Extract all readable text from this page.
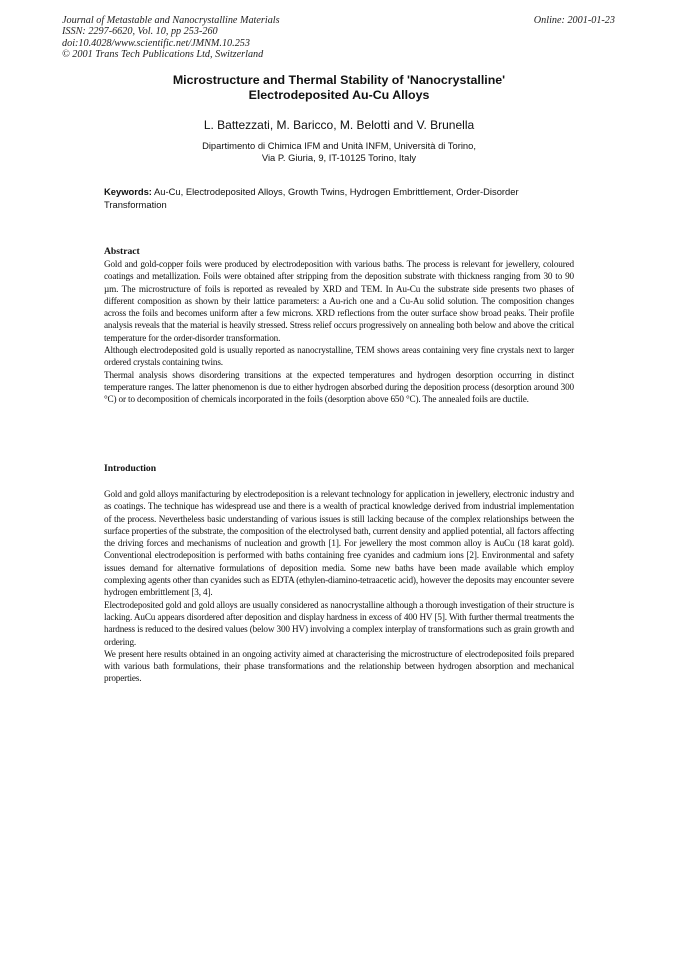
Journal of Metastable and Nanocrystalline Materials
ISSN: 2297-6620, Vol. 10, pp 253-260
doi:10.4028/www.scientific.net/JMNM.10.253
© 2001 Trans Tech Publications Ltd, Switzerland
Online: 2001-01-23
Microstructure and Thermal Stability of 'Nanocrystalline'
Electrodeposited Au-Cu Alloys
L. Battezzati, M. Baricco, M. Belotti and V. Brunella
Dipartimento di Chimica IFM and Unità INFM, Università di Torino,
Via P. Giuria, 9, IT-10125 Torino, Italy
Keywords: Au-Cu, Electrodeposited Alloys, Growth Twins, Hydrogen Embrittlement, Order-Disorder Transformation
Abstract

Gold and gold-copper foils were produced by electrodeposition with various baths. The process is relevant for jewellery, coloured coatings and metallization. Foils were obtained after stripping from the deposition substrate with thickness ranging from 30 to 90 µm. The microstructure of foils is reported as revealed by XRD and TEM. In Au-Cu the substrate side presents two phases of different composition as shown by their lattice parameters: a Au-rich one and a Cu-Au solid solution. The composition changes across the foils and becomes uniform after a few microns. XRD reflections from the outer surface show broad peaks. Their profile analysis reveals that the material is heavily stressed. Stress relief occurs progressively on annealing both below and above the critical temperature for the order-disorder transformation.

Although electrodeposited gold is usually reported as nanocrystalline, TEM shows areas containing very fine crystals next to larger ordered crystals containing twins.

Thermal analysis shows disordering transitions at the expected temperatures and hydrogen desorption occurring in distinct temperature ranges. The latter phenomenon is due to either hydrogen absorbed during the deposition process (desorption around 300 °C) or to decomposition of chemicals incorporated in the foils (desorption above 650 °C). The annealed foils are ductile.

Introduction

Gold and gold alloys manifacturing by electrodeposition is a relevant technology for application in jewellery, electronic industry and as coatings. The technique has widespread use and there is a wealth of practical knowledge derived from industrial implementation of the process. Nevertheless basic understanding of various issues is still lacking because of the complex relationships between the surface properties of the substrate, the composition of the electrolysed bath, current density and applied potential, all factors affecting the driving forces and mechanisms of nucleation and growth [1]. For jewellery the most common alloy is AuCu (18 karat gold). Conventional electrodeposition is performed with baths containing free cyanides and cadmium ions [2]. Environmental and safety issues demand for alternative formulations of deposition media. Some new baths have been made available which employ complexing agents other than cyanides such as EDTA (ethylen-diamino-tetraacetic acid), however the deposits may encounter severe hydrogen embrittlement [3, 4].

Electrodeposited gold and gold alloys are usually considered as nanocrystalline although a thorough investigation of their structure is lacking. AuCu appears disordered after deposition and display hardness in excess of 400 HV [5]. With further thermal treatments the hardness is reduced to the desired values (below 300 HV) involving a complex interplay of transformations such as grain growth and ordering.

We present here results obtained in an ongoing activity aimed at characterising the microstructure of electrodeposited foils prepared with various bath formulations, their phase transformations and the relationship between hydrogen absorption and mechanical properties.
